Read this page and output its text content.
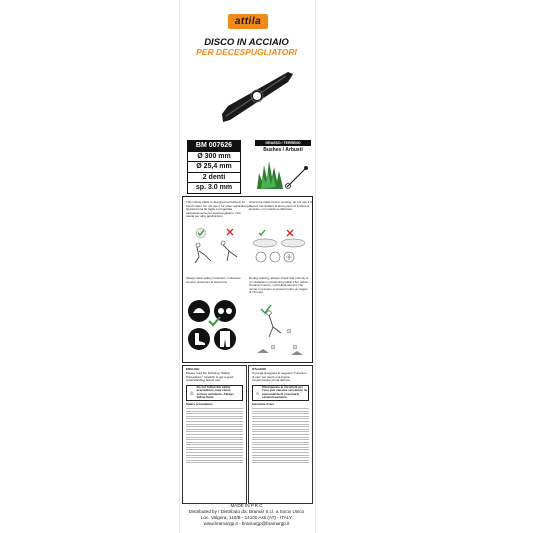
attila
DISCO IN ACCIAIO
PER DECESPUGLIATORI
BM 007626
Ø 300 mm
Ø 25,4 mm
2 denti
sp. 3.0 mm
GRASSO / TERRENO
Bushes / Arbusti
This cutting blade is designed exclusively for brush cutter. Do not use it for other applications. Questa lama da taglio è progettata esclusivamente per decespugliatore. Non usarla per altre applicazioni.
Check the blade before working, do not use it if flawed. Controllare la lama prima di iniziare a lavorare, non usarla se difettosa.
Always wear safety protectors. Indossare sempre protezioni di sicurezza.
During working, always check that nobody or no obstacles is presenting within 15m radius. Durante il lavoro, controllare sempre che niente o nessuno si presenti entro un raggio di 15 metri.
ENGLISH
Please read the following "Safety Precautions" carefully to get a good understanding before use.
Do not follow the safety precautions, may cause serious accidents. Always follow them.
Safety precautions
ITALIANO
Si prega di leggere le seguenti "Istruzioni di uso" per avere una buona comprensione prima dell'uso.
Ottemperare le istruzioni per l'uso può causare seri danni. Si raccomanda di osservarle scrupolosamente.
Istruzioni d'uso
MADE IN P.R.C
Distributed by / Distributo da: Bramar S.r.l. a Socio Unico
Loc. Valgera, 110/B - 14100 Asti (AT) - ITALY
www.bramargp.it - bramargp@bramargp.it
